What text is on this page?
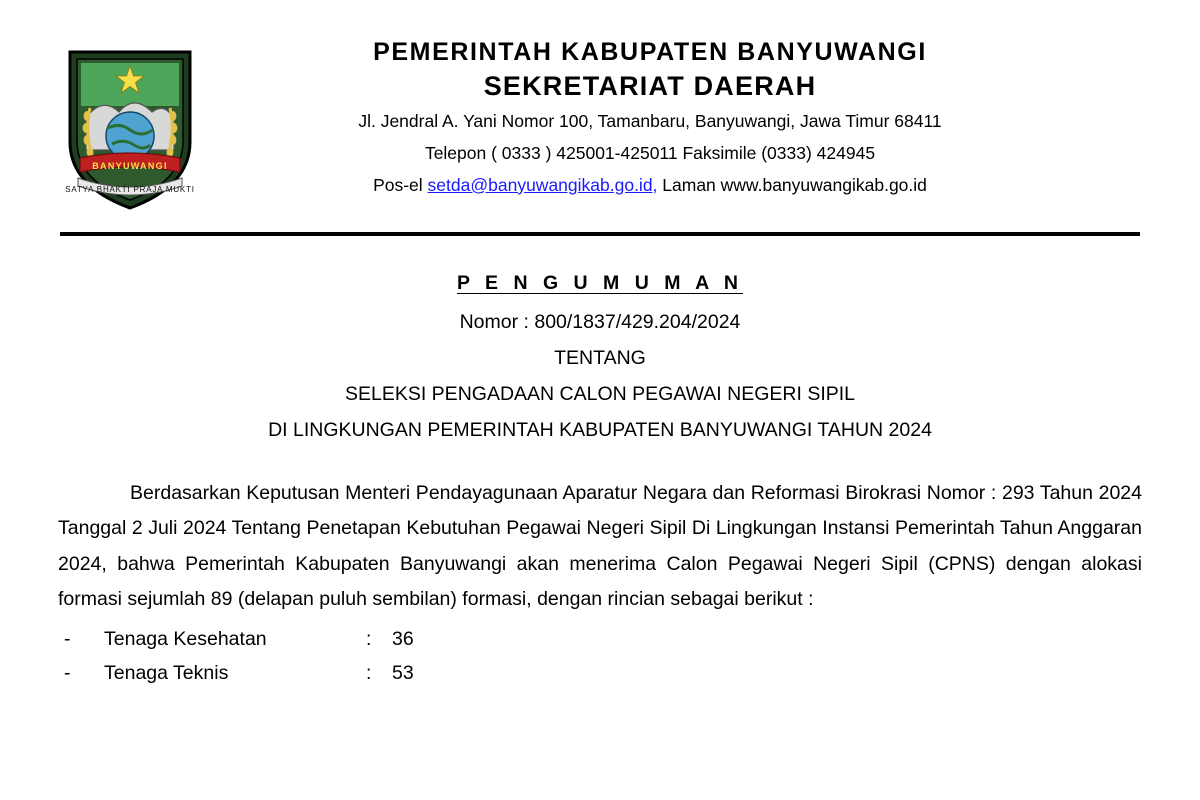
BANYUWANGI
SATYA BHAKTI PRAJA MUKTI
PEMERINTAH KABUPATEN BANYUWANGI
SEKRETARIAT DAERAH
Jl. Jendral A. Yani Nomor 100, Tamanbaru, Banyuwangi, Jawa Timur 68411
Telepon ( 0333 ) 425001-425011 Faksimile (0333) 424945
Pos-el setda@banyuwangikab.go.id, Laman www.banyuwangikab.go.id
P E N G U M U M A N
Nomor : 800/1837/429.204/2024
TENTANG
SELEKSI PENGADAAN CALON PEGAWAI NEGERI SIPIL
DI LINGKUNGAN PEMERINTAH KABUPATEN BANYUWANGI TAHUN 2024
Berdasarkan Keputusan Menteri Pendayagunaan Aparatur Negara dan Reformasi Birokrasi Nomor : 293 Tahun 2024 Tanggal 2 Juli 2024 Tentang Penetapan Kebutuhan Pegawai Negeri Sipil Di Lingkungan Instansi Pemerintah Tahun Anggaran 2024, bahwa Pemerintah Kabupaten Banyuwangi akan menerima Calon Pegawai Negeri Sipil (CPNS) dengan alokasi formasi sejumlah 89 (delapan puluh sembilan) formasi, dengan rincian sebagai berikut :
-	Tenaga Kesehatan	:	36
-	Tenaga Teknis	:	53
